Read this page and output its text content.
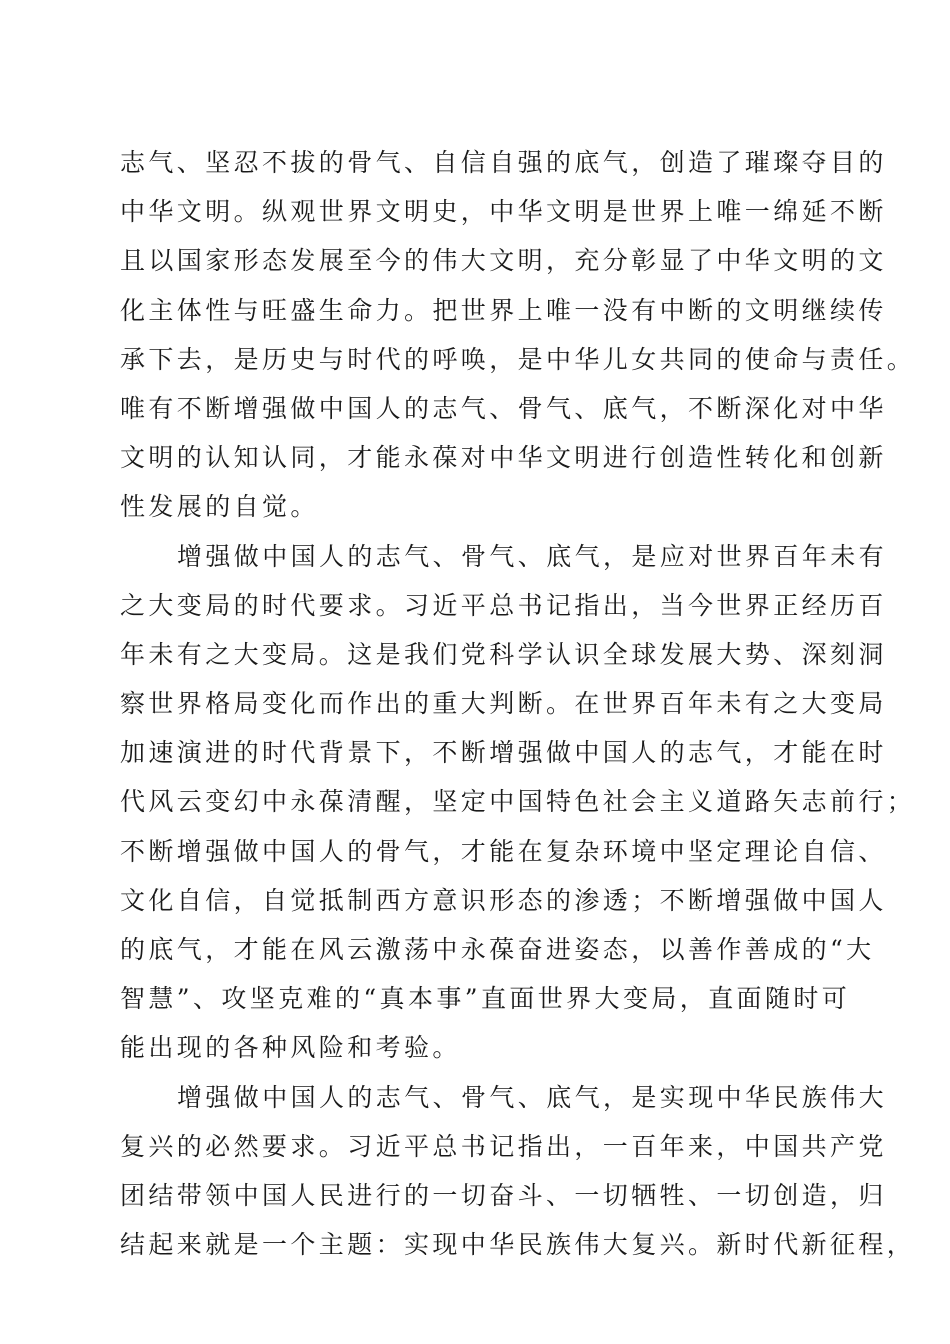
志气、坚忍不拔的骨气、自信自强的底气，创造了璀璨夺目的
中华文明。纵观世界文明史，中华文明是世界上唯一绵延不断
且以国家形态发展至今的伟大文明，充分彰显了中华文明的文
化主体性与旺盛生命力。把世界上唯一没有中断的文明继续传
承下去，是历史与时代的呼唤，是中华儿女共同的使命与责任。
唯有不断增强做中国人的志气、骨气、底气，不断深化对中华
文明的认知认同，才能永葆对中华文明进行创造性转化和创新
性发展的自觉。
增强做中国人的志气、骨气、底气，是应对世界百年未有
之大变局的时代要求。习近平总书记指出，当今世界正经历百
年未有之大变局。这是我们党科学认识全球发展大势、深刻洞
察世界格局变化而作出的重大判断。在世界百年未有之大变局
加速演进的时代背景下，不断增强做中国人的志气，才能在时
代风云变幻中永葆清醒，坚定中国特色社会主义道路矢志前行；
不断增强做中国人的骨气，才能在复杂环境中坚定理论自信、
文化自信，自觉抵制西方意识形态的渗透；不断增强做中国人
的底气，才能在风云激荡中永葆奋进姿态，以善作善成的“大
智慧”、攻坚克难的“真本事”直面世界大变局，直面随时可
能出现的各种风险和考验。
增强做中国人的志气、骨气、底气，是实现中华民族伟大
复兴的必然要求。习近平总书记指出，一百年来，中国共产党
团结带领中国人民进行的一切奋斗、一切牺牲、一切创造，归
结起来就是一个主题：实现中华民族伟大复兴。新时代新征程，
